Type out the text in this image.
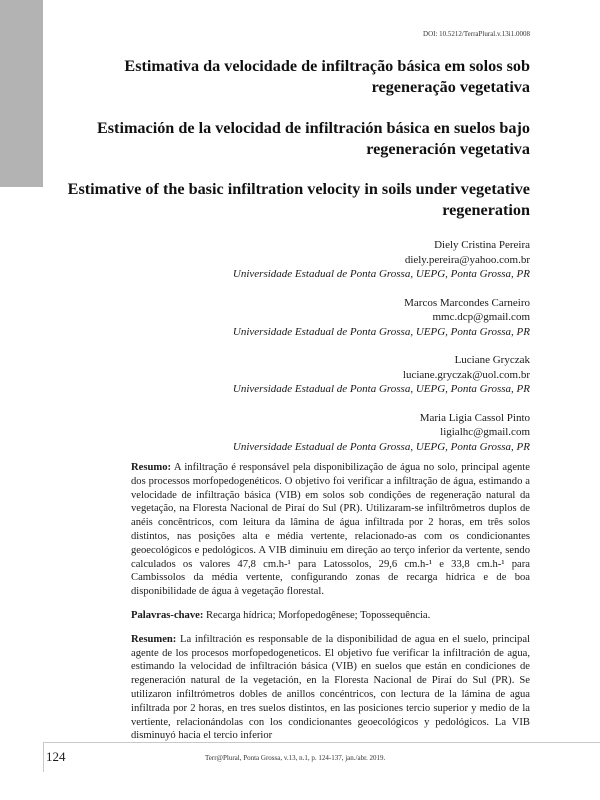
DOI: 10.5212/TerraPlural.v.13i1.0008

Estimativa da velocidade de infiltração básica em solos sob regeneração vegetativa

Estimación de la velocidad de infiltración básica en suelos bajo regeneración vegetativa

Estimative of the basic infiltration velocity in soils under vegetative regeneration

Diely Cristina Pereira
diely.pereira@yahoo.com.br
Universidade Estadual de Ponta Grossa, UEPG, Ponta Grossa, PR
Marcos Marcondes Carneiro
mmc.dcp@gmail.com
Universidade Estadual de Ponta Grossa, UEPG, Ponta Grossa, PR
Luciane Gryczak
luciane.gryczak@uol.com.br
Universidade Estadual de Ponta Grossa, UEPG, Ponta Grossa, PR
Maria Ligia Cassol Pinto
ligialhc@gmail.com
Universidade Estadual de Ponta Grossa, UEPG, Ponta Grossa, PR

Resumo: A infiltração é responsável pela disponibilização de água no solo, principal agente dos processos morfopedogenéticos. O objetivo foi verificar a infiltração de água, estimando a velocidade de infiltração básica (VIB) em solos sob condições de regeneração natural da vegetação, na Floresta Nacional de Piraí do Sul (PR). Utilizaram-se infiltrômetros duplos de anéis concêntricos, com leitura da lâmina de água infiltrada por 2 horas, em três solos distintos, nas posições alta e média vertente, relacionado-as com os condicionantes geoecológicos e pedológicos. A VIB diminuiu em direção ao terço inferior da vertente, sendo calculados os valores 47,8 cm.h-¹ para Latossolos, 29,6 cm.h-¹ e 33,8 cm.h-¹ para Cambissolos da média vertente, configurando zonas de recarga hídrica e de boa disponibilidade de água à vegetação florestal.

Palavras-chave: Recarga hídrica; Morfopedogênese; Topossequência.

Resumen: La infiltración es responsable de la disponibilidad de agua en el suelo, principal agente de los procesos morfopedogeneticos. El objetivo fue verificar la infiltración de agua, estimando la velocidad de infiltración básica (VIB) en suelos que están en condiciones de regeneración natural de la vegetación, en la Floresta Nacional de Piraí do Sul (PR). Se utilizaron infiltrómetros dobles de anillos concéntricos, con lectura de la lámina de agua infiltrada por 2 horas, en tres suelos distintos, en las posiciones tercio superior y medio de la vertiente, relacionándolas con los condicionantes geoecológicos y pedológicos. La VIB disminuyó hacia el tercio inferior

124	Terr@Plural, Ponta Grossa, v.13, n.1, p. 124-137, jan./abr. 2019.
